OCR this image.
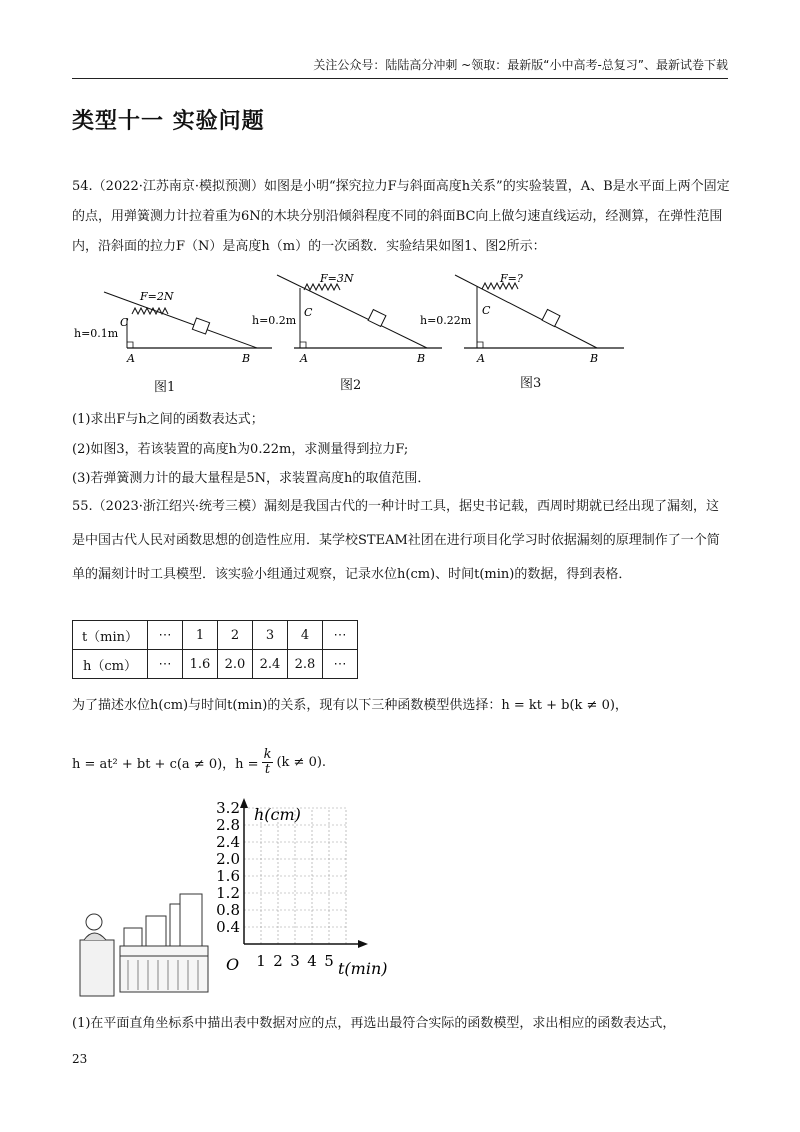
关注公众号：陆陆高分冲刺 ~领取：最新版“小中高考-总复习”、最新试卷下载
类型十一 实验问题
54.（2022·江苏南京·模拟预测）如图是小明“探究拉力F与斜面高度h关系”的实验装置，A、B是水平面上两个固定的点，用弹簧测力计拉着重为6N的木块分别沿倾斜程度不同的斜面BC向上做匀速直线运动，经测算，在弹性范围内，沿斜面的拉力F（N）是高度h（m）的一次函数．实验结果如图1、图2所示：
F=2N
h=0.1m
C
A	B
F=3N
h=0.2m
C
A	B
F=?
h=0.22m
C
A	B
图1	图2	图3
(1)求出F与h之间的函数表达式；
(2)如图3，若该装置的高度h为0.22m，求测量得到拉力F;
(3)若弹簧测力计的最大量程是5N，求装置高度h的取值范围．
55.（2023·浙江绍兴·统考三模）漏刻是我国古代的一种计时工具，据史书记载，西周时期就已经出现了漏刻，这是中国古代人民对函数思想的创造性应用．某学校STEAM社团在进行项目化学习时依据漏刻的原理制作了一个简单的漏刻计时工具模型．该实验小组通过观察，记录水位h(cm)、时间t(min)的数据，得到表格．
t（min）	⋯	1	2	3	4	⋯
h（cm）	⋯	1.6	2.0	2.4	2.8	⋯
为了描述水位h(cm)与时间t(min)的关系，现有以下三种函数模型供选择：h = kt + b(k ≠ 0)，
h = at² + bt + c(a ≠ 0)，$h = \frac{k}{t} (k \ne 0)$.
h(cm)
t(min)
O
0.4
0.8
1.2
1.6
2.0
2.4
2.8
3.2
1 2 3 4 5
(1)在平面直角坐标系中描出表中数据对应的点，再选出最符合实际的函数模型，求出相应的函数表达式，
23
